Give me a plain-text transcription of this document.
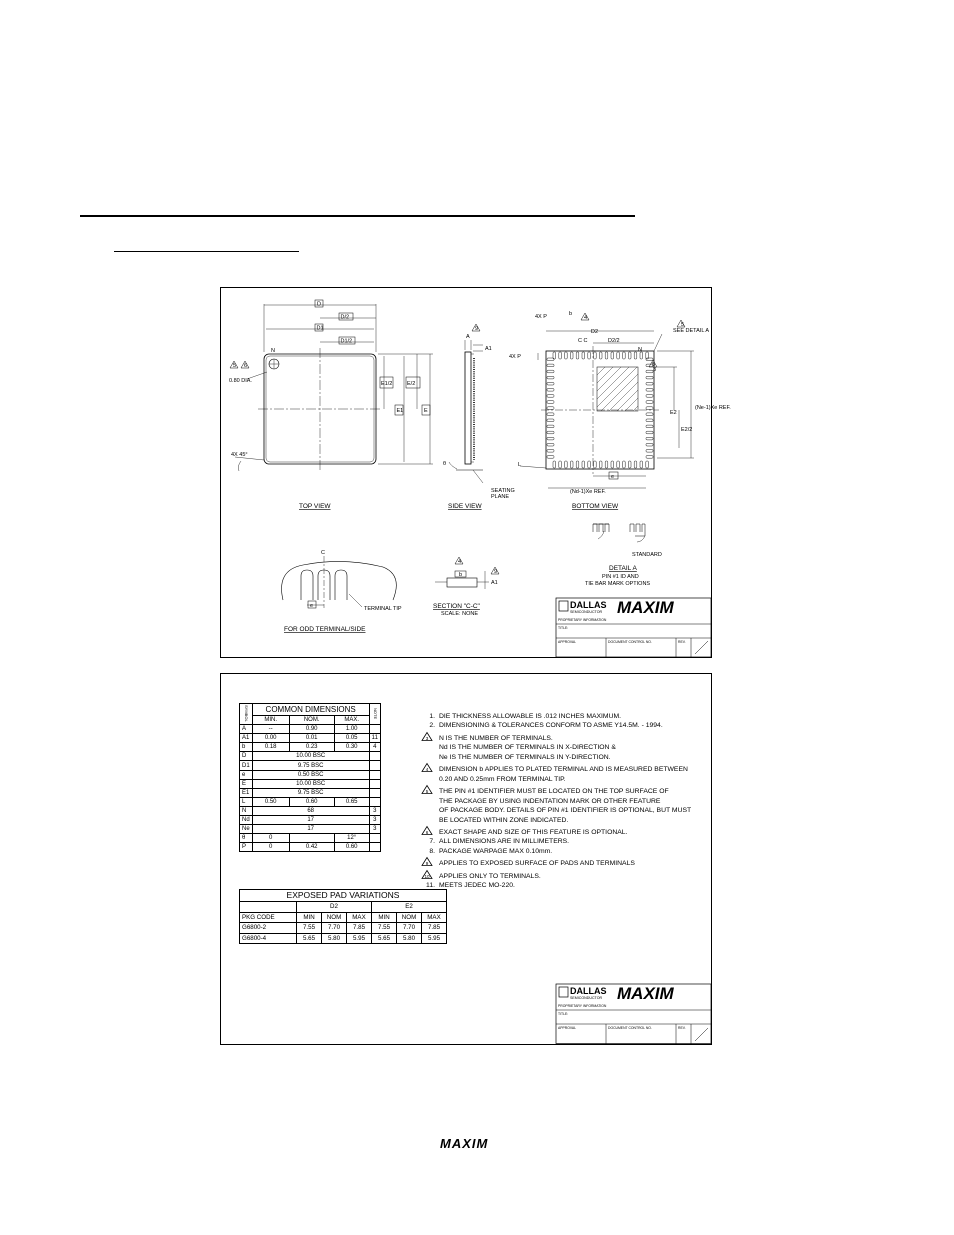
D
D/2
D1
D1/2
E1/2	E/2
E1	E
N
0.80 DIA.
4X 45°
5 6
TOP VIEW
A
A1
9
θ
SEATING
PLANE
SIDE VIEW
4X P	b
4
D2
C C	D2/2
4X P
5
SEE DETAIL A
5
N
3
E2
E2/2
(Ne-1)Xe REF.
e
(Nd-1)Xe REF.
L
BOTTOM VIEW
STANDARD
DETAIL A
PIN #1 ID AND
TIE BAR MARK OPTIONS
C
e	TERMINAL TIP
FOR ODD TERMINAL/SIDE
b
4
9
A1
SECTION "C-C"
SCALE: NONE
DALLAS
SEMICONDUCTOR MAXIM
PROPRIETARY INFORMATION
TITLE:
APPROVAL	DOCUMENT CONTROL NO.	REV.
SYMBOL	COMMON DIMENSIONS			NOTE
	MIN.	NOM.	MAX.	
A	--	0.90	1.00	
A1	0.00	0.01	0.05	11
b	0.18	0.23	0.30	4
D	10.00 BSC			
D1	9.75 BSC			
e	0.50 BSC			
E	10.00 BSC			
E1	9.75 BSC			
L	0.50	0.60	0.65	
N	68			3
Nd	17			3
Ne	17			3
θ	0		12°	
P	0	0.42	0.60	
EXPOSED PAD VARIATIONS						
	D2			E2		
PKG CODE	MIN	NOM	MAX	MIN	NOM	MAX
G6800-2	7.55	7.70	7.85	7.55	7.70	7.85
G6800-4	5.65	5.80	5.95	5.65	5.80	5.95
1. DIE THICKNESS ALLOWABLE IS .012 INCHES MAXIMUM.
2. DIMENSIONING & TOLERANCES CONFORM TO ASME Y14.5M. - 1994.
3 N IS THE NUMBER OF TERMINALS.
Nd IS THE NUMBER OF TERMINALS IN X-DIRECTION &
Ne IS THE NUMBER OF TERMINALS IN Y-DIRECTION.
4 DIMENSION b APPLIES TO PLATED TERMINAL AND IS MEASURED BETWEEN
0.20 AND 0.25mm FROM TERMINAL TIP.
5 THE PIN #1 IDENTIFIER MUST BE LOCATED ON THE TOP SURFACE OF
THE PACKAGE BY USING INDENTATION MARK OR OTHER FEATURE
OF PACKAGE BODY. DETAILS OF PIN #1 IDENTIFIER IS OPTIONAL, BUT MUST
BE LOCATED WITHIN ZONE INDICATED.
6 EXACT SHAPE AND SIZE OF THIS FEATURE IS OPTIONAL.
7. ALL DIMENSIONS ARE IN MILLIMETERS.
8. PACKAGE WARPAGE MAX 0.10mm.
9 APPLIES TO EXPOSED SURFACE OF PADS AND TERMINALS
10 APPLIES ONLY TO TERMINALS.
11. MEETS JEDEC MO-220.
DALLAS
SEMICONDUCTOR MAXIM
PROPRIETARY INFORMATION
TITLE:
APPROVAL	DOCUMENT CONTROL NO.	REV.
MAXIM
